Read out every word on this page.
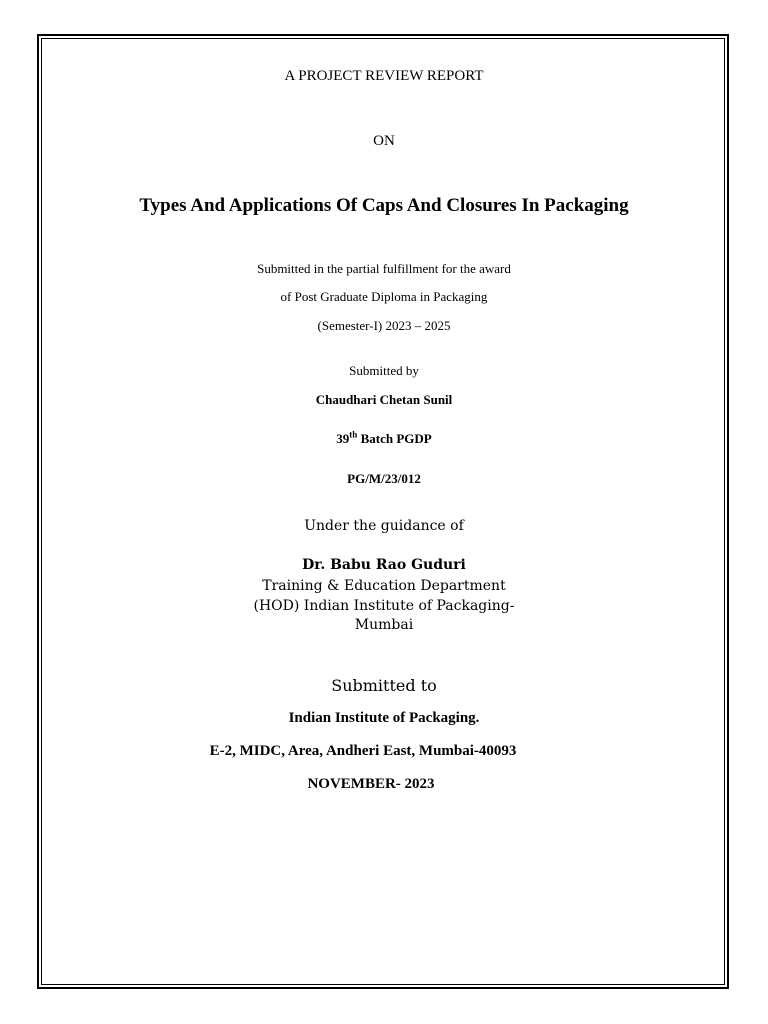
A PROJECT REVIEW REPORT
ON
Types And Applications Of Caps And Closures In Packaging
Submitted in the partial fulfillment for the award
of Post Graduate Diploma in Packaging
(Semester-I) 2023 – 2025
Submitted by
Chaudhari Chetan Sunil
39th Batch PGDP
PG/M/23/012
Under the guidance of
Dr. Babu Rao Guduri
Training & Education Department
(HOD) Indian Institute of Packaging-
Mumbai
Submitted to
Indian Institute of Packaging.
E-2, MIDC, Area, Andheri East, Mumbai-40093
NOVEMBER- 2023
